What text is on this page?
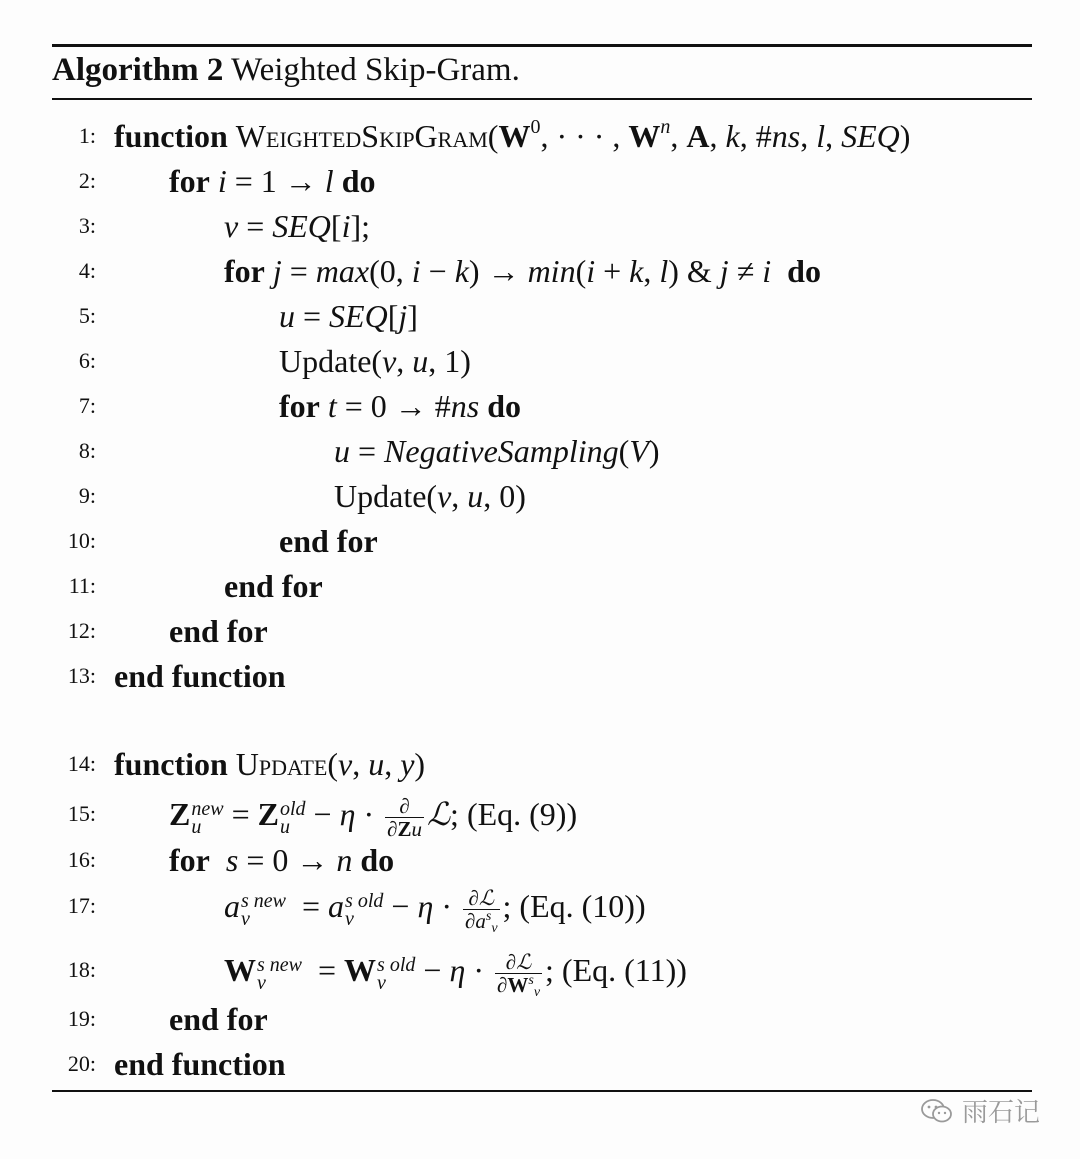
Algorithm 2 Weighted Skip-Gram.
1: function $WeightedSkipGram(W^0$, · · · , $W^n$, A, k, #ns, l, SEQ)
2: for i = 1 → l do
3:	v = SEQ[i];
4:	for j = max(0, i − k) → min(i + k, l) & j ≠ i do
5:	u = SEQ[j]
6:	Update(v, u, 1)
7:	for t = 0 → #ns do
8:	u = NegativeSampling(V)
9:	Update(v, u, 0)
10:	end for
11:	end for
12: end for
13: end function
14: function Update(v, u, y)
15: Z new
u = Z old
$u - \eta \cdot \frac{\partial}{\partial Zu}$ ℒ; (Eq. (9))
16: for s = 0 → n do
17:	a s new
v	= a s old
$v - \eta \cdot \frac{\text{∂ℒ}}{\partial a^s_v}$ ; (Eq. (10))
18:	W s new
v	= W s old
$v - \eta \cdot \frac{\text{∂ℒ}}{\partial W^s_v}$ ; (Eq. (11))
19: end for
20: end function
雨石记
